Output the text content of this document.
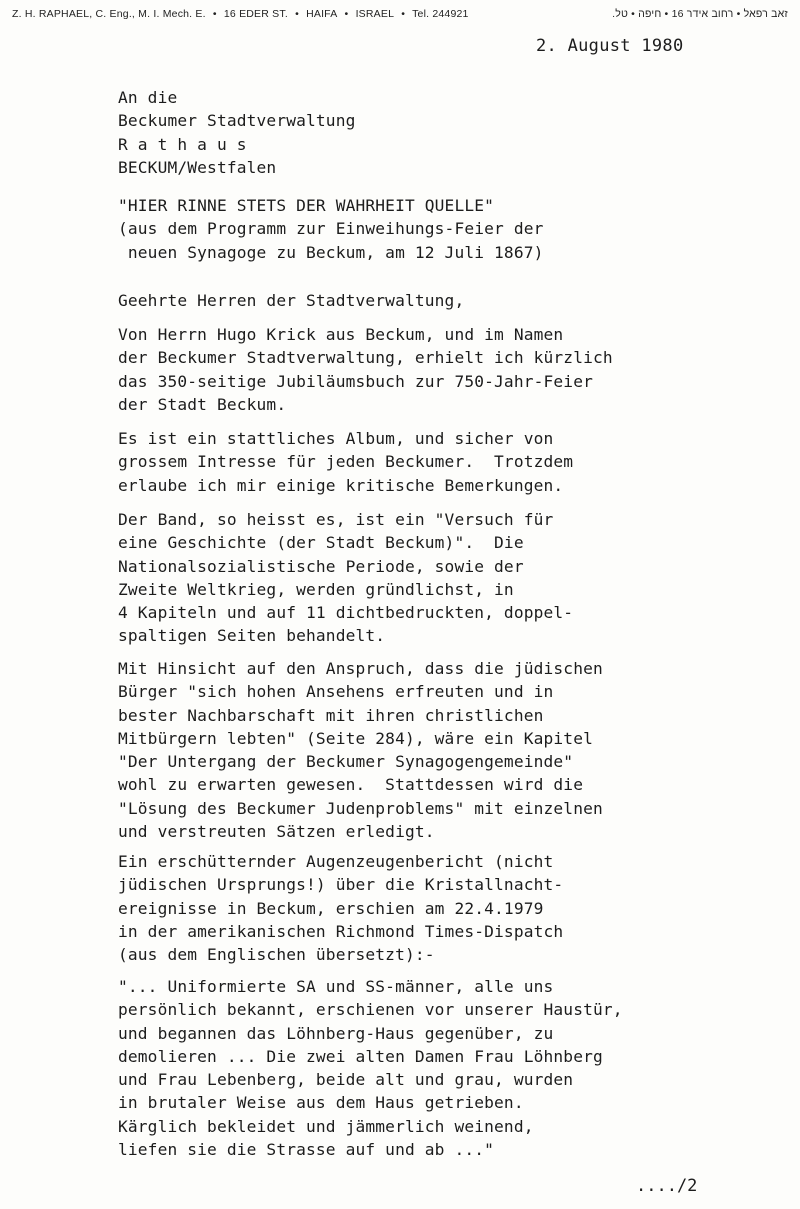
Z. H. RAPHAEL, C. Eng., M. I. Mech. E. • 16 EDER ST. • HAIFA • ISRAEL • Tel. 244921	זאב רפאל • רחוב אידר 16 • חיפה • טל.
2. August 1980
An die
Beckumer Stadtverwaltung
R a t h a u s
BECKUM/Westfalen
"HIER RINNE STETS DER WAHRHEIT QUELLE"
(aus dem Programm zur Einweihungs-Feier der
neuen Synagoge zu Beckum, am 12 Juli 1867)
Geehrte Herren der Stadtverwaltung,
Von Herrn Hugo Krick aus Beckum, und im Namen
der Beckumer Stadtverwaltung, erhielt ich kürzlich
das 350-seitige Jubiläumsbuch zur 750-Jahr-Feier
der Stadt Beckum.
Es ist ein stattliches Album, und sicher von
grossem Intresse für jeden Beckumer.  Trotzdem
erlaube ich mir einige kritische Bemerkungen.
Der Band, so heisst es, ist ein "Versuch für
eine Geschichte (der Stadt Beckum)".  Die
Nationalsozialistische Periode, sowie der
Zweite Weltkrieg, werden gründlichst, in
4 Kapiteln und auf 11 dichtbedruckten, doppel-
spaltigen Seiten behandelt.
Mit Hinsicht auf den Anspruch, dass die jüdischen
Bürger "sich hohen Ansehens erfreuten und in
bester Nachbarschaft mit ihren christlichen
Mitbürgern lebten" (Seite 284), wäre ein Kapitel
"Der Untergang der Beckumer Synagogengemeinde"
wohl zu erwarten gewesen.  Stattdessen wird die
"Lösung des Beckumer Judenproblems" mit einzelnen
und verstreuten Sätzen erledigt.
Ein erschütternder Augenzeugenbericht (nicht
jüdischen Ursprungs!) über die Kristallnacht-
ereignisse in Beckum, erschien am 22.4.1979
in der amerikanischen Richmond Times-Dispatch
(aus dem Englischen übersetzt):-
"... Uniformierte SA und SS-männer, alle uns
persönlich bekannt, erschienen vor unserer Haustür,
und begannen das Löhnberg-Haus gegenüber, zu
demolieren ... Die zwei alten Damen Frau Löhnberg
und Frau Lebenberg, beide alt und grau, wurden
in brutaler Weise aus dem Haus getrieben.
Kärglich bekleidet und jämmerlich weinend,
liefen sie die Strasse auf und ab ..."
..../2
